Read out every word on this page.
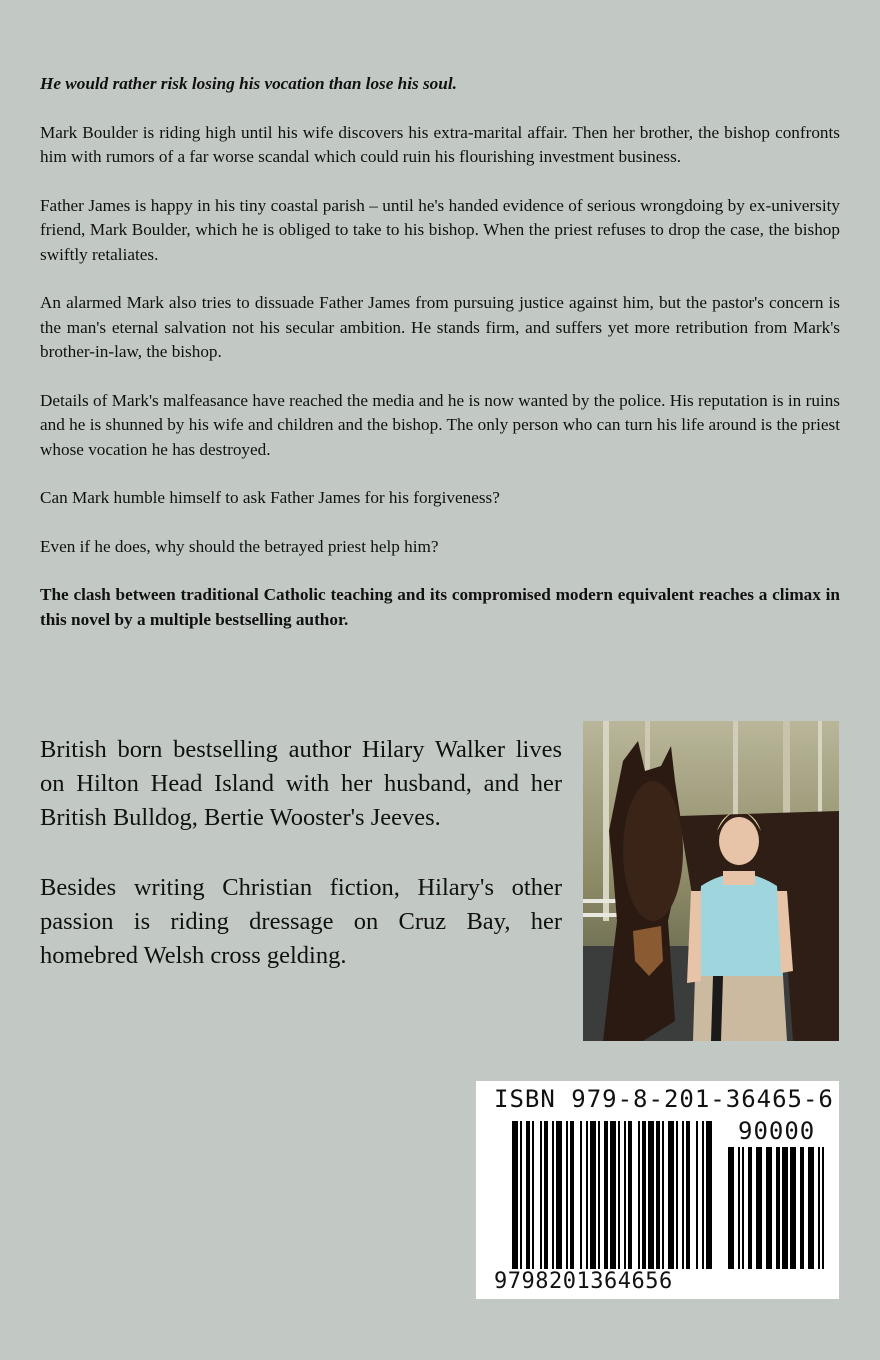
He would rather risk losing his vocation than lose his soul.

Mark Boulder is riding high until his wife discovers his extra-marital affair. Then her brother, the bishop confronts him with rumors of a far worse scandal which could ruin his flourishing investment business.

Father James is happy in his tiny coastal parish – until he's handed evidence of serious wrongdoing by ex-university friend, Mark Boulder, which he is obliged to take to his bishop. When the priest refuses to drop the case, the bishop swiftly retaliates.

An alarmed Mark also tries to dissuade Father James from pursuing justice against him, but the pastor's concern is the man's eternal salvation not his secular ambition. He stands firm, and suffers yet more retribution from Mark's brother-in-law, the bishop.

Details of Mark's malfeasance have reached the media and he is now wanted by the police. His reputation is in ruins and he is shunned by his wife and children and the bishop. The only person who can turn his life around is the priest whose vocation he has destroyed.

Can Mark humble himself to ask Father James for his forgiveness?

Even if he does, why should the betrayed priest help him?

The clash between traditional Catholic teaching and its compromised modern equivalent reaches a climax in this novel by a multiple bestselling author.

British born bestselling author Hilary Walker lives on Hilton Head Island with her husband, and her British Bulldog, Bertie Wooster's Jeeves.

Besides writing Christian fiction, Hilary's other passion is riding dressage on Cruz Bay, her homebred Welsh cross gelding.

ISBN 979-8-201-36465-6
90000
9798201364656
